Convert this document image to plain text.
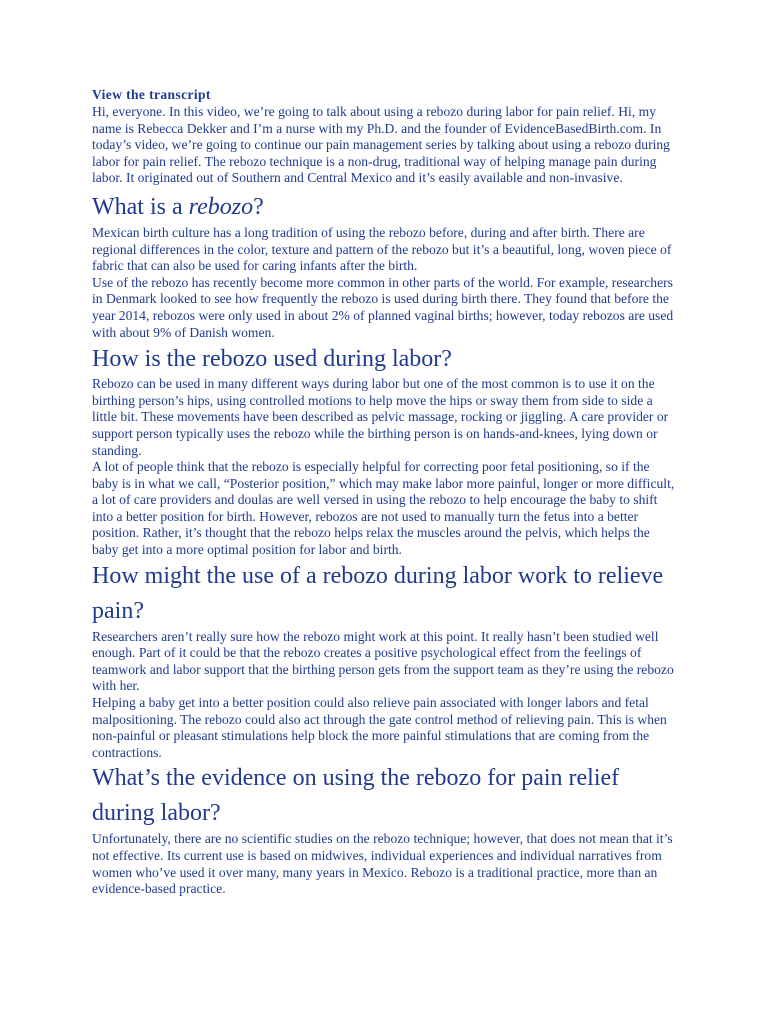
View the transcript

Hi, everyone. In this video, we’re going to talk about using a rebozo during labor for pain relief. Hi, my name is Rebecca Dekker and I’m a nurse with my Ph.D. and the founder of EvidenceBasedBirth.com. In today’s video, we’re going to continue our pain management series by talking about using a rebozo during labor for pain relief. The rebozo technique is a non-drug, traditional way of helping manage pain during labor. It originated out of Southern and Central Mexico and it’s easily available and non-invasive.

What is a rebozo?

Mexican birth culture has a long tradition of using the rebozo before, during and after birth. There are regional differences in the color, texture and pattern of the rebozo but it’s a beautiful, long, woven piece of fabric that can also be used for caring infants after the birth.

Use of the rebozo has recently become more common in other parts of the world. For example, researchers in Denmark looked to see how frequently the rebozo is used during birth there. They found that before the year 2014, rebozos were only used in about 2% of planned vaginal births; however, today rebozos are used with about 9% of Danish women.

How is the rebozo used during labor?

Rebozo can be used in many different ways during labor but one of the most common is to use it on the birthing person’s hips, using controlled motions to help move the hips or sway them from side to side a little bit. These movements have been described as pelvic massage, rocking or jiggling. A care provider or support person typically uses the rebozo while the birthing person is on hands-and-knees, lying down or standing.

A lot of people think that the rebozo is especially helpful for correcting poor fetal positioning, so if the baby is in what we call, “Posterior position,” which may make labor more painful, longer or more difficult, a lot of care providers and doulas are well versed in using the rebozo to help encourage the baby to shift into a better position for birth. However, rebozos are not used to manually turn the fetus into a better position. Rather, it’s thought that the rebozo helps relax the muscles around the pelvis, which helps the baby get into a more optimal position for labor and birth.

How might the use of a rebozo during labor work to relieve pain?

Researchers aren’t really sure how the rebozo might work at this point. It really hasn’t been studied well enough. Part of it could be that the rebozo creates a positive psychological effect from the feelings of teamwork and labor support that the birthing person gets from the support team as they’re using the rebozo with her.

Helping a baby get into a better position could also relieve pain associated with longer labors and fetal malpositioning. The rebozo could also act through the gate control method of relieving pain. This is when non-painful or pleasant stimulations help block the more painful stimulations that are coming from the contractions.

What’s the evidence on using the rebozo for pain relief during labor?

Unfortunately, there are no scientific studies on the rebozo technique; however, that does not mean that it’s not effective. Its current use is based on midwives, individual experiences and individual narratives from women who’ve used it over many, many years in Mexico. Rebozo is a traditional practice, more than an evidence-based practice.
